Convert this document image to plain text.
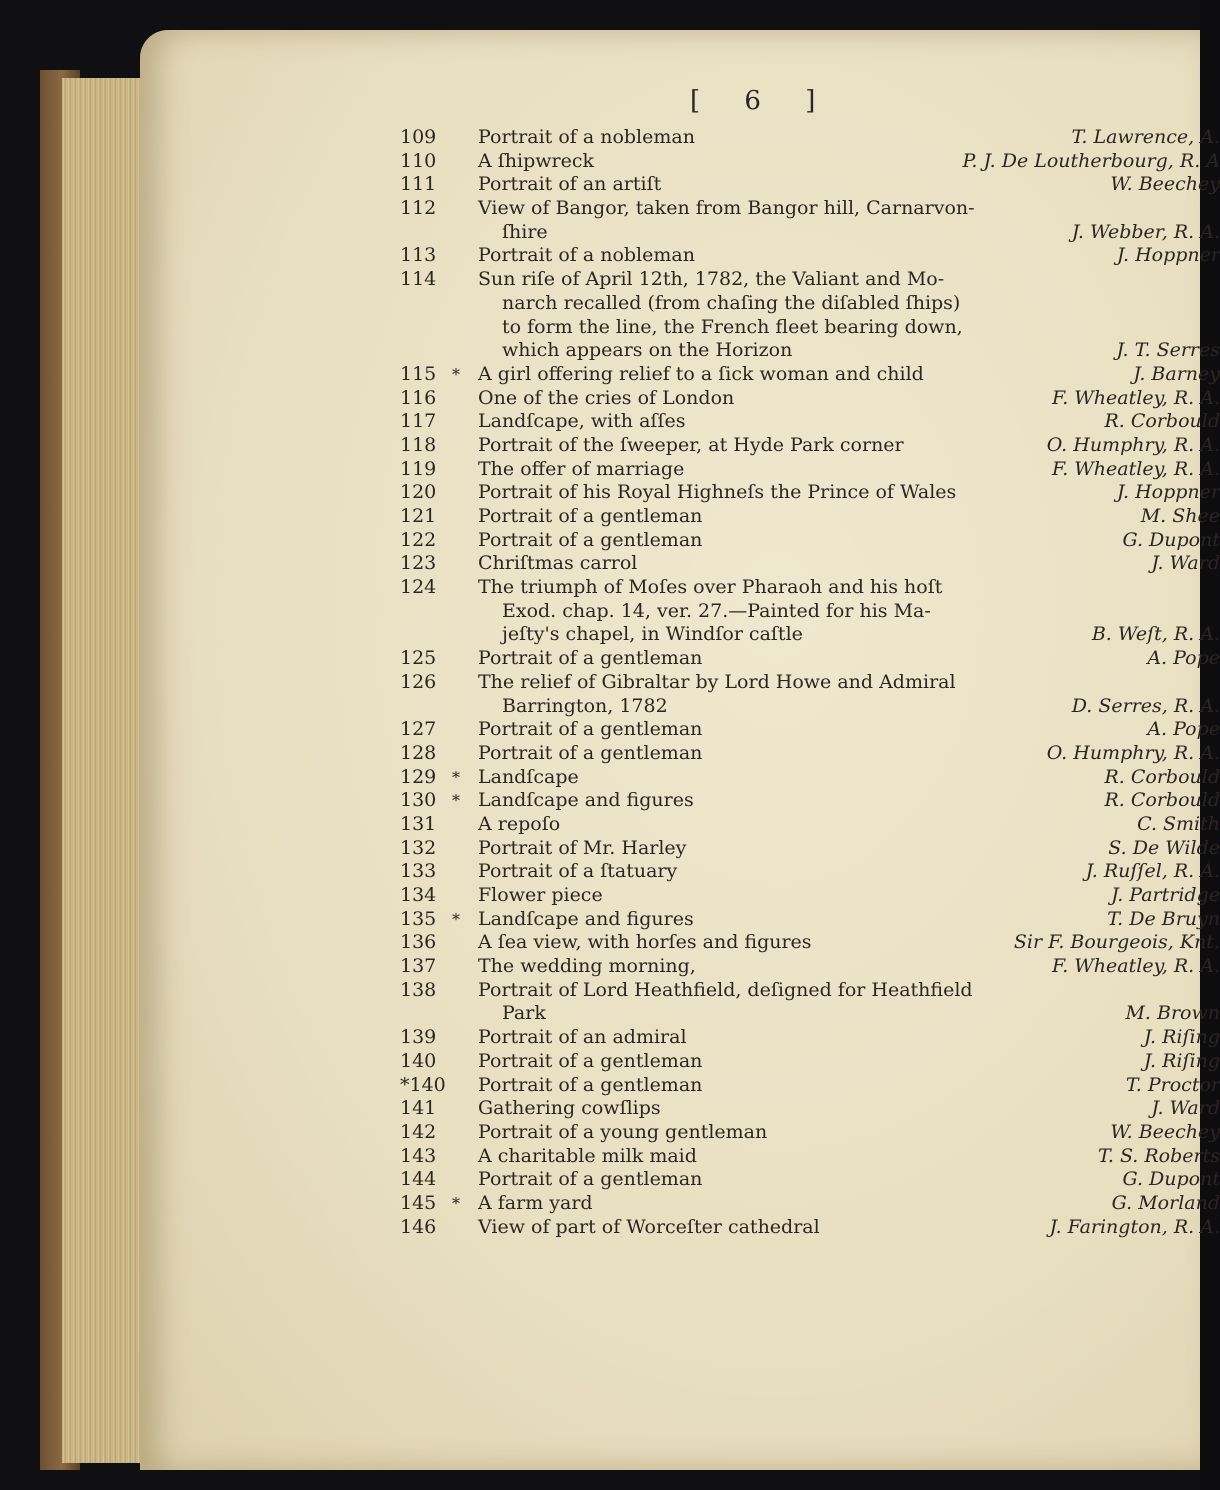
[ 6 ]
109	Portrait of a nobleman	T. Lawrence, A.
110	A ſhipwreck	P. J. De Loutherbourg, R. A
111	Portrait of an artiſt	W. Beechey
112	View of Bangor, taken from Bangor hill, Carnarvon-
ſhire	J. Webber, R. A.
113	Portrait of a nobleman	J. Hoppner
114	Sun riſe of April 12th, 1782, the Valiant and Mo-
narch recalled (from chaſing the diſabled ſhips)
to form the line, the French fleet bearing down,
which appears on the Horizon	J. T. Serres
115 * A girl offering relief to a ſick woman and child	J. Barney
116	One of the cries of London	F. Wheatley, R. A.
117	Landſcape, with aſſes	R. Corbould
118	Portrait of the ſweeper, at Hyde Park corner	O. Humphry, R. A.
119	The offer of marriage	F. Wheatley, R. A.
120	Portrait of his Royal Highneſs the Prince of Wales	J. Hoppner
121	Portrait of a gentleman	M. Shee
122	Portrait of a gentleman	G. Dupont
123	Chriſtmas carrol	J. Ward
124	The triumph of Moſes over Pharaoh and his hoſt
Exod. chap. 14, ver. 27.—Painted for his Ma-
jeſty's chapel, in Windſor caſtle	B. Weſt, R. A.
125	Portrait of a gentleman	A. Pope
126	The relief of Gibraltar by Lord Howe and Admiral
Barrington, 1782	D. Serres, R. A.
127	Portrait of a gentleman	A. Pope
128	Portrait of a gentleman	O. Humphry, R. A.
129 * Landſcape	R. Corbould
130 * Landſcape and figures	R. Corbould
131	A repoſo	C. Smith
132	Portrait of Mr. Harley	S. De Wilde
133	Portrait of a ſtatuary	J. Ruſſel, R. A.
134	Flower piece	J. Partridge
135 * Landſcape and figures	T. De Bruyn
136	A ſea view, with horſes and figures	Sir F. Bourgeois, Knt.
137	The wedding morning,	F. Wheatley, R. A.
138	Portrait of Lord Heathfield, deſigned for Heathfield
Park	M. Brown
139	Portrait of an admiral	J. Riſing
140	Portrait of a gentleman	J. Riſing
*140	Portrait of a gentleman	T. Proctor
141	Gathering cowſlips	J. Ward
142	Portrait of a young gentleman	W. Beechey
143	A charitable milk maid	T. S. Roberts
144	Portrait of a gentleman	G. Dupont
145 * A farm yard	G. Morland
146	View of part of Worceſter cathedral	J. Farington, R. A.
